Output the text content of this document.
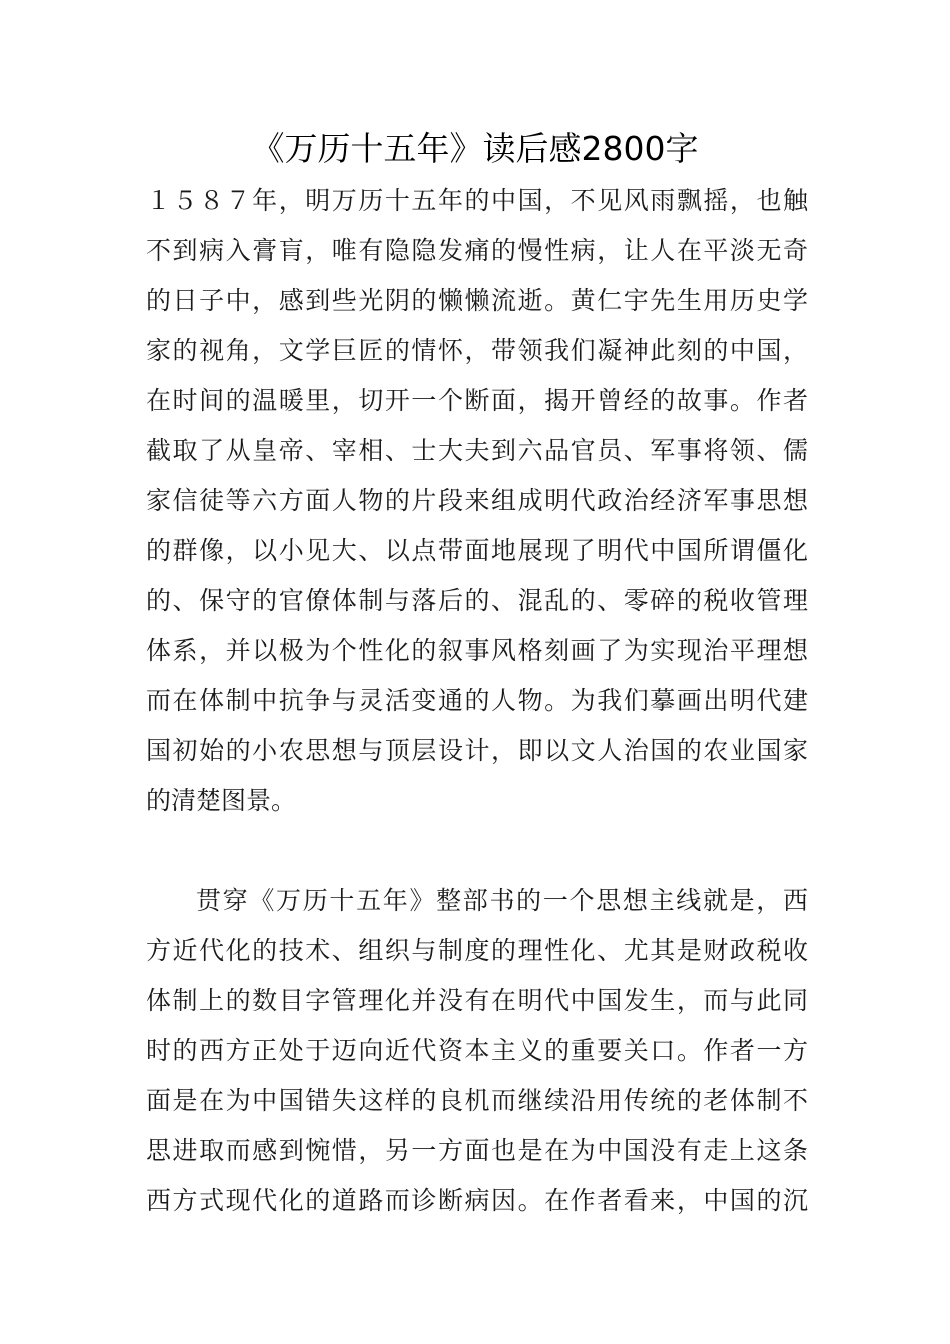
《万历十五年》读后感2800字
１５８７年，明万历十五年的中国，不见风雨飘摇，也触
不到病入膏肓，唯有隐隐发痛的慢性病，让人在平淡无奇
的日子中，感到些光阴的懒懒流逝。黄仁宇先生用历史学
家的视角，文学巨匠的情怀，带领我们凝神此刻的中国，
在时间的温暖里，切开一个断面，揭开曾经的故事。作者
截取了从皇帝、宰相、士大夫到六品官员、军事将领、儒
家信徒等六方面人物的片段来组成明代政治经济军事思想
的群像，以小见大、以点带面地展现了明代中国所谓僵化
的、保守的官僚体制与落后的、混乱的、零碎的税收管理
体系，并以极为个性化的叙事风格刻画了为实现治平理想
而在体制中抗争与灵活变通的人物。为我们摹画出明代建
国初始的小农思想与顶层设计，即以文人治国的农业国家
的清楚图景。
贯穿《万历十五年》整部书的一个思想主线就是，西
方近代化的技术、组织与制度的理性化、尤其是财政税收
体制上的数目字管理化并没有在明代中国发生，而与此同
时的西方正处于迈向近代资本主义的重要关口。作者一方
面是在为中国错失这样的良机而继续沿用传统的老体制不
思进取而感到惋惜，另一方面也是在为中国没有走上这条
西方式现代化的道路而诊断病因。在作者看来，中国的沉
